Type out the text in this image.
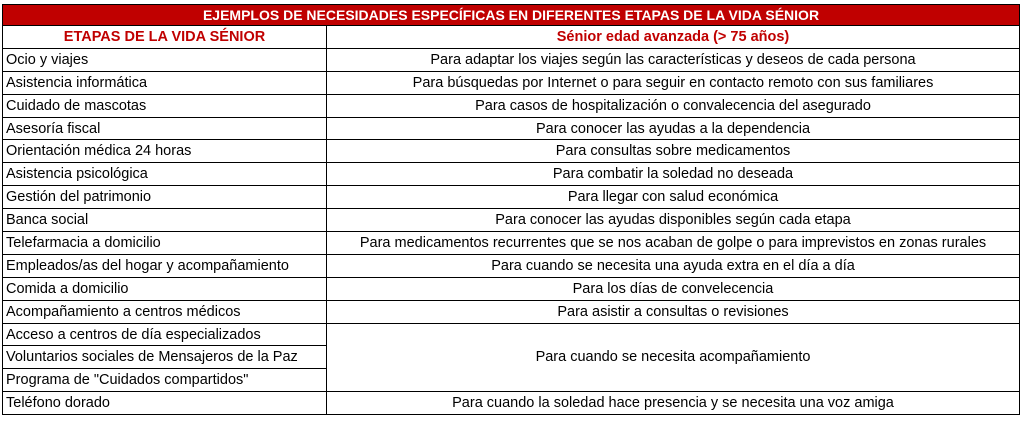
EJEMPLOS DE NECESIDADES ESPECÍFICAS EN DIFERENTES ETAPAS DE LA VIDA SÉNIOR	
ETAPAS DE LA VIDA SÉNIOR	Sénior edad avanzada (> 75 años)
Ocio y viajes	Para adaptar los viajes según las características y deseos de cada persona
Asistencia informática	Para búsquedas por Internet o para seguir en contacto remoto con sus familiares
Cuidado de mascotas	Para casos de hospitalización o convalecencia del asegurado
Asesoría fiscal	Para conocer las ayudas a la dependencia
Orientación médica 24 horas	Para consultas sobre medicamentos
Asistencia psicológica	Para combatir la soledad no deseada
Gestión del patrimonio	Para llegar con salud económica
Banca social	Para conocer las ayudas disponibles según cada etapa
Telefarmacia a domicilio	Para medicamentos recurrentes que se nos acaban de golpe o para imprevistos en zonas rurales
Empleados/as del hogar y acompañamiento	Para cuando se necesita una ayuda extra en el día a día
Comida a domicilio	Para los días de convelecencia
Acompañamiento a centros médicos	Para asistir a consultas o revisiones
Acceso a centros de día especializados	Para cuando se necesita acompañamiento
Voluntarios sociales de Mensajeros de la Paz	
Programa de "Cuidados compartidos"	
Teléfono dorado	Para cuando la soledad hace presencia y se necesita una voz amiga
